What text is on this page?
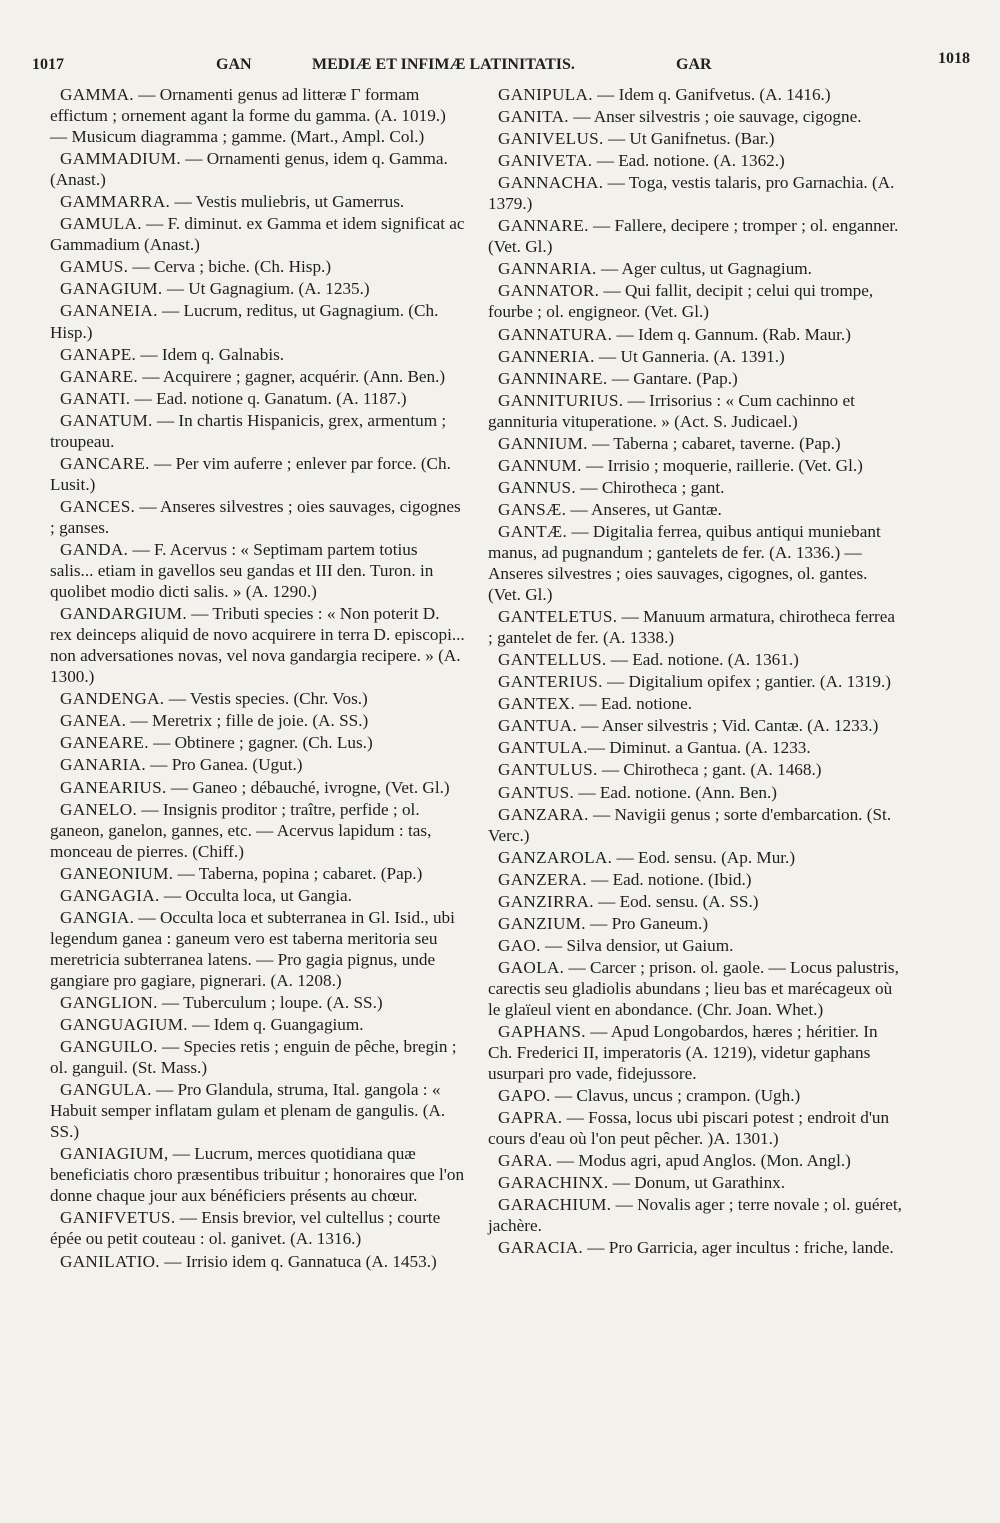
1017	GAN	MEDIÆ ET INFIMÆ LATINITATIS.	GAR	1018

GAMMA. — Ornamenti genus ad litteræ Γ formam effictum ; ornement agant la forme du gamma. (A. 1019.) — Musicum diagramma ; gamme. (Mart., Ampl. Col.)

GAMMADIUM. — Ornamenti genus, idem q. Gamma. (Anast.)

GAMMARRA. — Vestis muliebris, ut Gamerrus.

GAMULA. — F. diminut. ex Gamma et idem significat ac Gammadium (Anast.)

GAMUS. — Cerva ; biche. (Ch. Hisp.)

GANAGIUM. — Ut Gagnagium. (A. 1235.)

GANANEIA. — Lucrum, reditus, ut Gagnagium. (Ch. Hisp.)

GANAPE. — Idem q. Galnabis.

GANARE. — Acquirere ; gagner, acquérir. (Ann. Ben.)

GANATI. — Ead. notione q. Ganatum. (A. 1187.)

GANATUM. — In chartis Hispanicis, grex, armentum ; troupeau.

GANCARE. — Per vim auferre ; enlever par force. (Ch. Lusit.)

GANCES. — Anseres silvestres ; oies sauvages, cigognes ; ganses.

GANDA. — F. Acervus : « Septimam partem totius salis... etiam in gavellos seu gandas et III den. Turon. in quolibet modio dicti salis. » (A. 1290.)

GANDARGIUM. — Tributi species : « Non poterit D. rex deinceps aliquid de novo acquirere in terra D. episcopi... non adversationes novas, vel nova gandargia recipere. » (A. 1300.)

GANDENGA. — Vestis species. (Chr. Vos.)

GANEA. — Meretrix ; fille de joie. (A. SS.)

GANEARE. — Obtinere ; gagner. (Ch. Lus.)

GANARIA. — Pro Ganea. (Ugut.)

GANEARIUS. — Ganeo ; débauché, ivrogne, (Vet. Gl.)

GANELO. — Insignis proditor ; traître, perfide ; ol. ganeon, ganelon, gannes, etc. — Acervus lapidum : tas, monceau de pierres. (Chiff.)

GANEONIUM. — Taberna, popina ; cabaret. (Pap.)

GANGAGIA. — Occulta loca, ut Gangia.

GANGIA. — Occulta loca et subterranea in Gl. Isid., ubi legendum ganea : ganeum vero est taberna meritoria seu meretricia subterranea latens. — Pro gagia pignus, unde gangiare pro gagiare, pignerari. (A. 1208.)

GANGLION. — Tuberculum ; loupe. (A. SS.)

GANGUAGIUM. — Idem q. Guangagium.

GANGUILO. — Species retis ; enguin de pêche, bregin ; ol. ganguil. (St. Mass.)

GANGULA. — Pro Glandula, struma, Ital. gangola : « Habuit semper inflatam gulam et plenam de gangulis. (A. SS.)

GANIAGIUM, — Lucrum, merces quotidiana quæ beneficiatis choro præsentibus tribuitur ; honoraires que l'on donne chaque jour aux bénéficiers présents au chœur.

GANIFVETUS. — Ensis brevior, vel cultellus ; courte épée ou petit couteau : ol. ganivet. (A. 1316.)

GANILATIO. — Irrisio idem q. Gannatuca (A. 1453.)

GANIPULA. — Idem q. Ganifvetus. (A. 1416.)

GANITA. — Anser silvestris ; oie sauvage, cigogne.

GANIVELUS. — Ut Ganifnetus. (Bar.)

GANIVETA. — Ead. notione. (A. 1362.)

GANNACHA. — Toga, vestis talaris, pro Garnachia. (A. 1379.)

GANNARE. — Fallere, decipere ; tromper ; ol. enganner. (Vet. Gl.)

GANNARIA. — Ager cultus, ut Gagnagium.

GANNATOR. — Qui fallit, decipit ; celui qui trompe, fourbe ; ol. engigneor. (Vet. Gl.)

GANNATURA. — Idem q. Gannum. (Rab. Maur.)

GANNERIA. — Ut Ganneria. (A. 1391.)

GANNINARE. — Gantare. (Pap.)

GANNITURIUS. — Irrisorius : « Cum cachinno et gannituria vituperatione. » (Act. S. Judicael.)

GANNIUM. — Taberna ; cabaret, taverne. (Pap.)

GANNUM. — Irrisio ; moquerie, raillerie. (Vet. Gl.)

GANNUS. — Chirotheca ; gant.

GANSÆ. — Anseres, ut Gantæ.

GANTÆ. — Digitalia ferrea, quibus antiqui muniebant manus, ad pugnandum ; gantelets de fer. (A. 1336.) — Anseres silvestres ; oies sauvages, cigognes, ol. gantes. (Vet. Gl.)

GANTELETUS. — Manuum armatura, chirotheca ferrea ; gantelet de fer. (A. 1338.)

GANTELLUS. — Ead. notione. (A. 1361.)

GANTERIUS. — Digitalium opifex ; gantier. (A. 1319.)

GANTEX. — Ead. notione.

GANTUA. — Anser silvestris ; Vid. Cantæ. (A. 1233.)

GANTULA.— Diminut. a Gantua. (A. 1233.

GANTULUS. — Chirotheca ; gant. (A. 1468.)

GANTUS. — Ead. notione. (Ann. Ben.)

GANZARA. — Navigii genus ; sorte d'embarcation. (St. Verc.)

GANZAROLA. — Eod. sensu. (Ap. Mur.)

GANZERA. — Ead. notione. (Ibid.)

GANZIRRA. — Eod. sensu. (A. SS.)

GANZIUM. — Pro Ganeum.)

GAO. — Silva densior, ut Gaium.

GAOLA. — Carcer ; prison. ol. gaole. — Locus palustris, carectis seu gladiolis abundans ; lieu bas et marécageux où le glaïeul vient en abondance. (Chr. Joan. Whet.)

GAPHANS. — Apud Longobardos, hæres ; héritier. In Ch. Frederici II, imperatoris (A. 1219), videtur gaphans usurpari pro vade, fidejussore.

GAPO. — Clavus, uncus ; crampon. (Ugh.)

GAPRA. — Fossa, locus ubi piscari potest ; endroit d'un cours d'eau où l'on peut pêcher. )A. 1301.)

GARA. — Modus agri, apud Anglos. (Mon. Angl.)

GARACHINX. — Donum, ut Garathinx.

GARACHIUM. — Novalis ager ; terre novale ; ol. guéret, jachère.

GARACIA. — Pro Garricia, ager incultus : friche, lande.
